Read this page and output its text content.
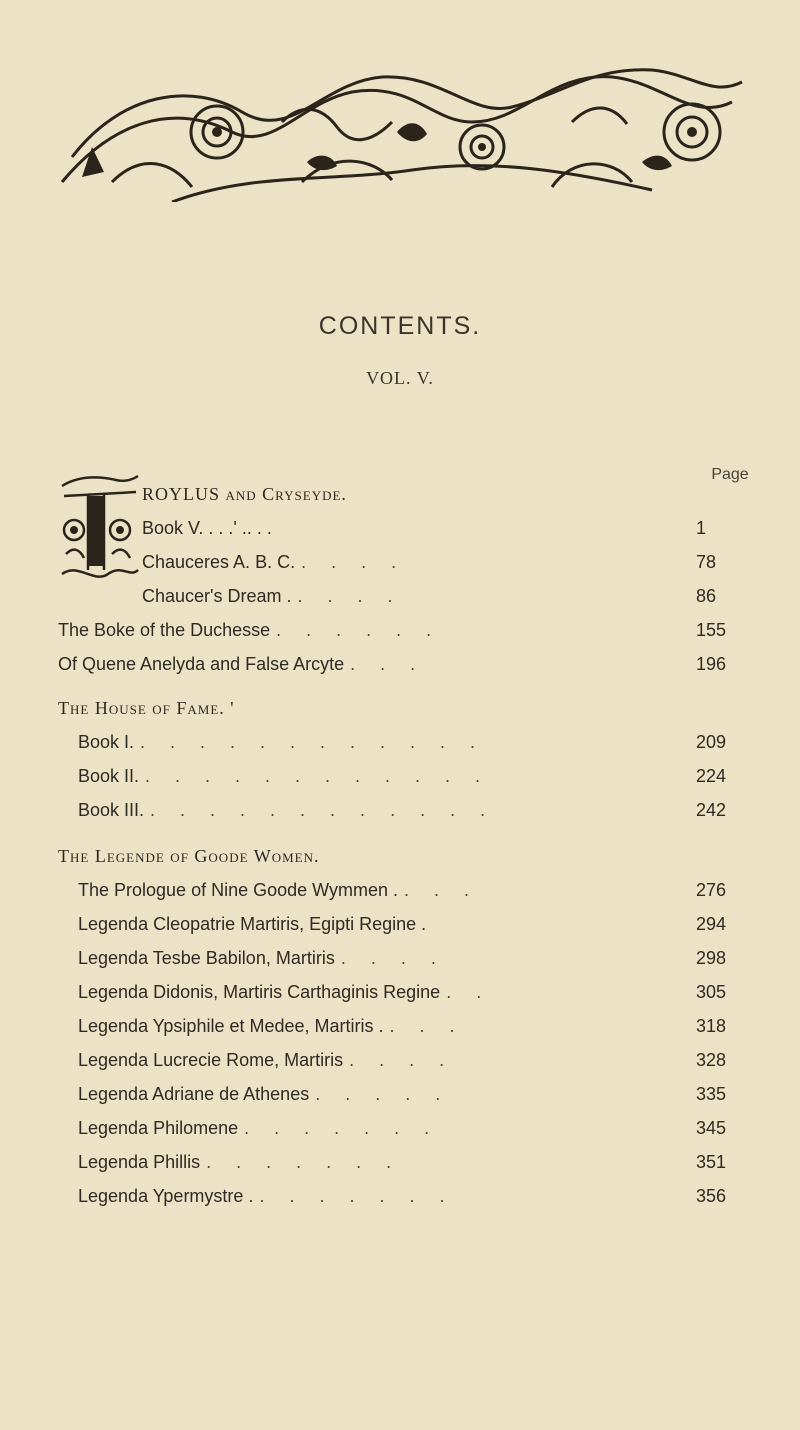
CONTENTS.
VOL. V.
Page
ROYLUS and Cryseyde.
Book V. . . .' .. . .	1
Chauceres A. B. C. . . . .	78
Chaucer's Dream . . . . .	86
The Boke of the Duchesse . . . . . .	155
Of Quene Anelyda and False Arcyte . . .	196
The House of Fame. '
Book I. . . . . . . . . . . . .	209
Book II. . . . . . . . . . . . .	224
Book III. . . . . . . . . . . . .	242
The Legende of Goode Women.
The Prologue of Nine Goode Wymmen . . . .	276
Legenda Cleopatrie Martiris, Egipti Regine .	294
Legenda Tesbe Babilon, Martiris . . . .	298
Legenda Didonis, Martiris Carthaginis Regine . .	305
Legenda Ypsiphile et Medee, Martiris . . . .	318
Legenda Lucrecie Rome, Martiris . . . .	328
Legenda Adriane de Athenes . . . . .	335
Legenda Philomene . . . . . . .	345
Legenda Phillis . . . . . . .	351
Legenda Ypermystre . . . . . . . .	356
